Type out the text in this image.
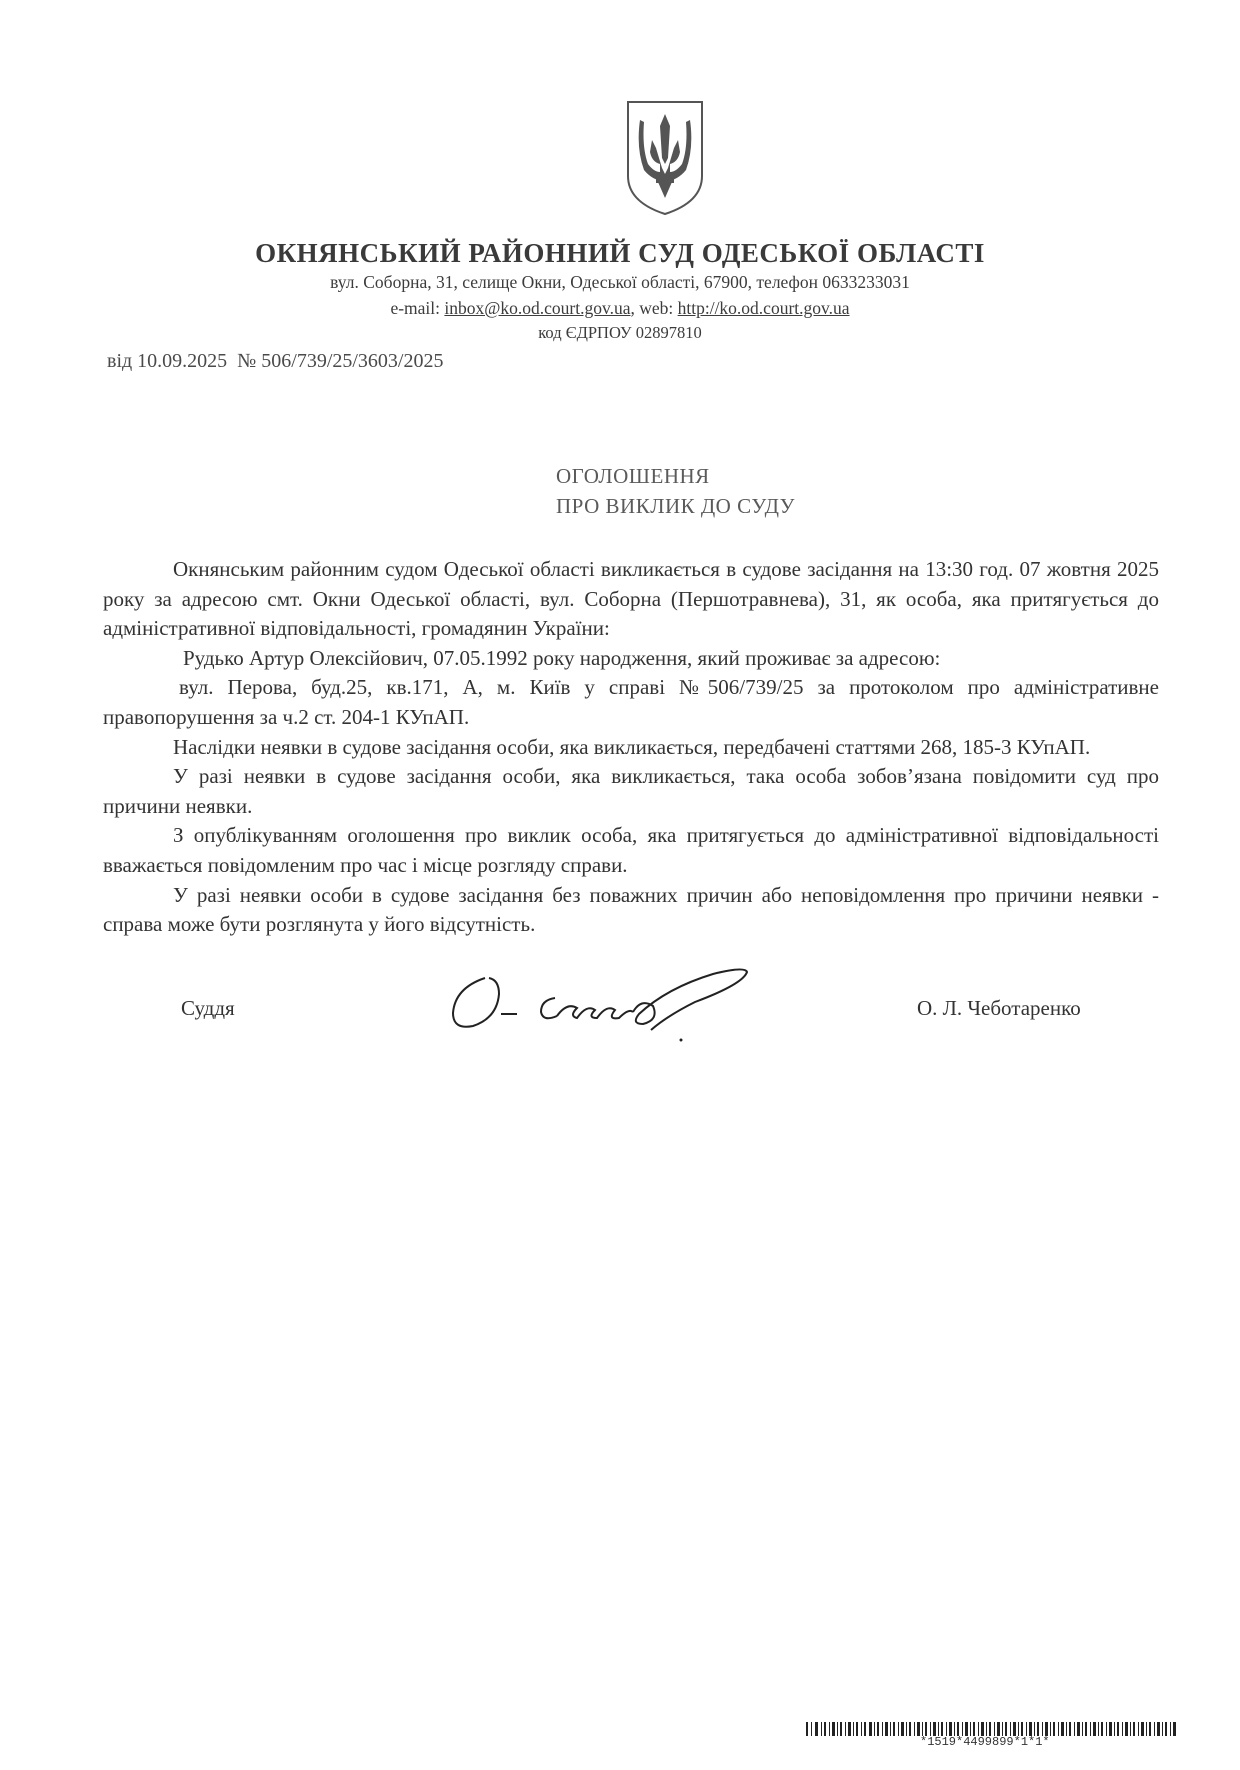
ОКНЯНСЬКИЙ РАЙОННИЙ СУД ОДЕСЬКОЇ ОБЛАСТІ
вул. Соборна, 31, селище Окни, Одеської області, 67900, телефон 0633233031
e-mail: inbox@ko.od.court.gov.ua, web: http://ko.od.court.gov.ua
код ЄДРПОУ 02897810
від 10.09.2025  № 506/739/25/3603/2025
ОГОЛОШЕННЯ
ПРО ВИКЛИК ДО СУДУ

Окнянським районним судом Одеської області викликається в судове засідання на 13:30 год. 07 жовтня 2025 року за адресою смт. Окни Одеської області, вул. Соборна (Першотравнева), 31, як особа, яка притягується до адміністративної відповідальності, громадянин України:

Рудько Артур Олексійович, 07.05.1992 року народження, який проживає за адресою:

вул. Перова, буд.25, кв.171, А, м. Київ у справі №506/739/25 за протоколом про адміністративне правопорушення за ч.2 ст. 204-1 КУпАП.

Наслідки неявки в судове засідання особи, яка викликається, передбачені статтями 268, 185-3 КУпАП.

У разі неявки в судове засідання особи, яка викликається, така особа зобов’язана повідомити суд про причини неявки.

З опублікуванням оголошення про виклик особа, яка притягується до адміністративної відповідальності вважається повідомленим про час і місце розгляду справи.

У разі неявки особи в судове засідання без поважних причин або неповідомлення про причини неявки - справа може бути розглянута у його відсутність.

Суддя	О. Л. Чеботаренко
*1519*4499899*1*1*
